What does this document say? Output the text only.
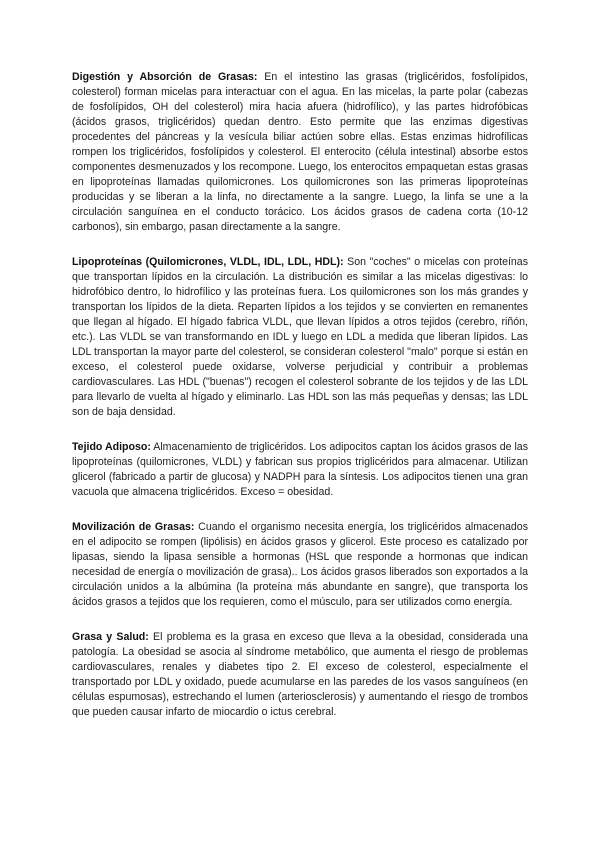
Digestión y Absorción de Grasas: En el intestino las grasas (triglicéridos, fosfolípidos, colesterol) forman micelas para interactuar con el agua. En las micelas, la parte polar (cabezas de fosfolípidos, OH del colesterol) mira hacia afuera (hidrofílico), y las partes hidrofóbicas (ácidos grasos, triglicéridos) quedan dentro. Esto permite que las enzimas digestivas procedentes del páncreas y la vesícula biliar actúen sobre ellas. Estas enzimas hidrofílicas rompen los triglicéridos, fosfolípidos y colesterol. El enterocito (célula intestinal) absorbe estos componentes desmenuzados y los recompone. Luego, los enterocitos empaquetan estas grasas en lipoproteínas llamadas quilomicrones. Los quilomicrones son las primeras lipoproteínas producidas y se liberan a la linfa, no directamente a la sangre. Luego, la linfa se une a la circulación sanguínea en el conducto torácico. Los ácidos grasos de cadena corta (10-12 carbonos), sin embargo, pasan directamente a la sangre.

Lipoproteínas (Quilomicrones, VLDL, IDL, LDL, HDL): Son "coches" o micelas con proteínas que transportan lípidos en la circulación. La distribución es similar a las micelas digestivas: lo hidrofóbico dentro, lo hidrofílico y las proteínas fuera. Los quilomicrones son los más grandes y transportan los lípidos de la dieta. Reparten lípidos a los tejidos y se convierten en remanentes que llegan al hígado. El hígado fabrica VLDL, que llevan lípidos a otros tejidos (cerebro, riñón, etc.). Las VLDL se van transformando en IDL y luego en LDL a medida que liberan lípidos. Las LDL transportan la mayor parte del colesterol, se consideran colesterol "malo" porque si están en exceso, el colesterol puede oxidarse, volverse perjudicial y contribuir a problemas cardiovasculares. Las HDL ("buenas") recogen el colesterol sobrante de los tejidos y de las LDL para llevarlo de vuelta al hígado y eliminarlo. Las HDL son las más pequeñas y densas; las LDL son de baja densidad.

Tejido Adiposo: Almacenamiento de triglicéridos. Los adipocitos captan los ácidos grasos de las lipoproteínas (quilomicrones, VLDL) y fabrican sus propios triglicéridos para almacenar. Utilizan glicerol (fabricado a partir de glucosa) y NADPH para la síntesis. Los adipocitos tienen una gran vacuola que almacena triglicéridos. Exceso = obesidad.

Movilización de Grasas: Cuando el organismo necesita energía, los triglicéridos almacenados en el adipocito se rompen (lipólisis) en ácidos grasos y glicerol. Este proceso es catalizado por lipasas, siendo la lipasa sensible a hormonas (HSL que responde a hormonas que indican necesidad de energía o movilización de grasa).. Los ácidos grasos liberados son exportados a la circulación unidos a la albúmina (la proteína más abundante en sangre), que transporta los ácidos grasos a tejidos que los requieren, como el músculo, para ser utilizados como energía.

Grasa y Salud: El problema es la grasa en exceso que lleva a la obesidad, considerada una patología. La obesidad se asocia al síndrome metabólico, que aumenta el riesgo de problemas cardiovasculares, renales y diabetes tipo 2. El exceso de colesterol, especialmente el transportado por LDL y oxidado, puede acumularse en las paredes de los vasos sanguíneos (en células espumosas), estrechando el lumen (arteriosclerosis) y aumentando el riesgo de trombos que pueden causar infarto de miocardio o ictus cerebral.
